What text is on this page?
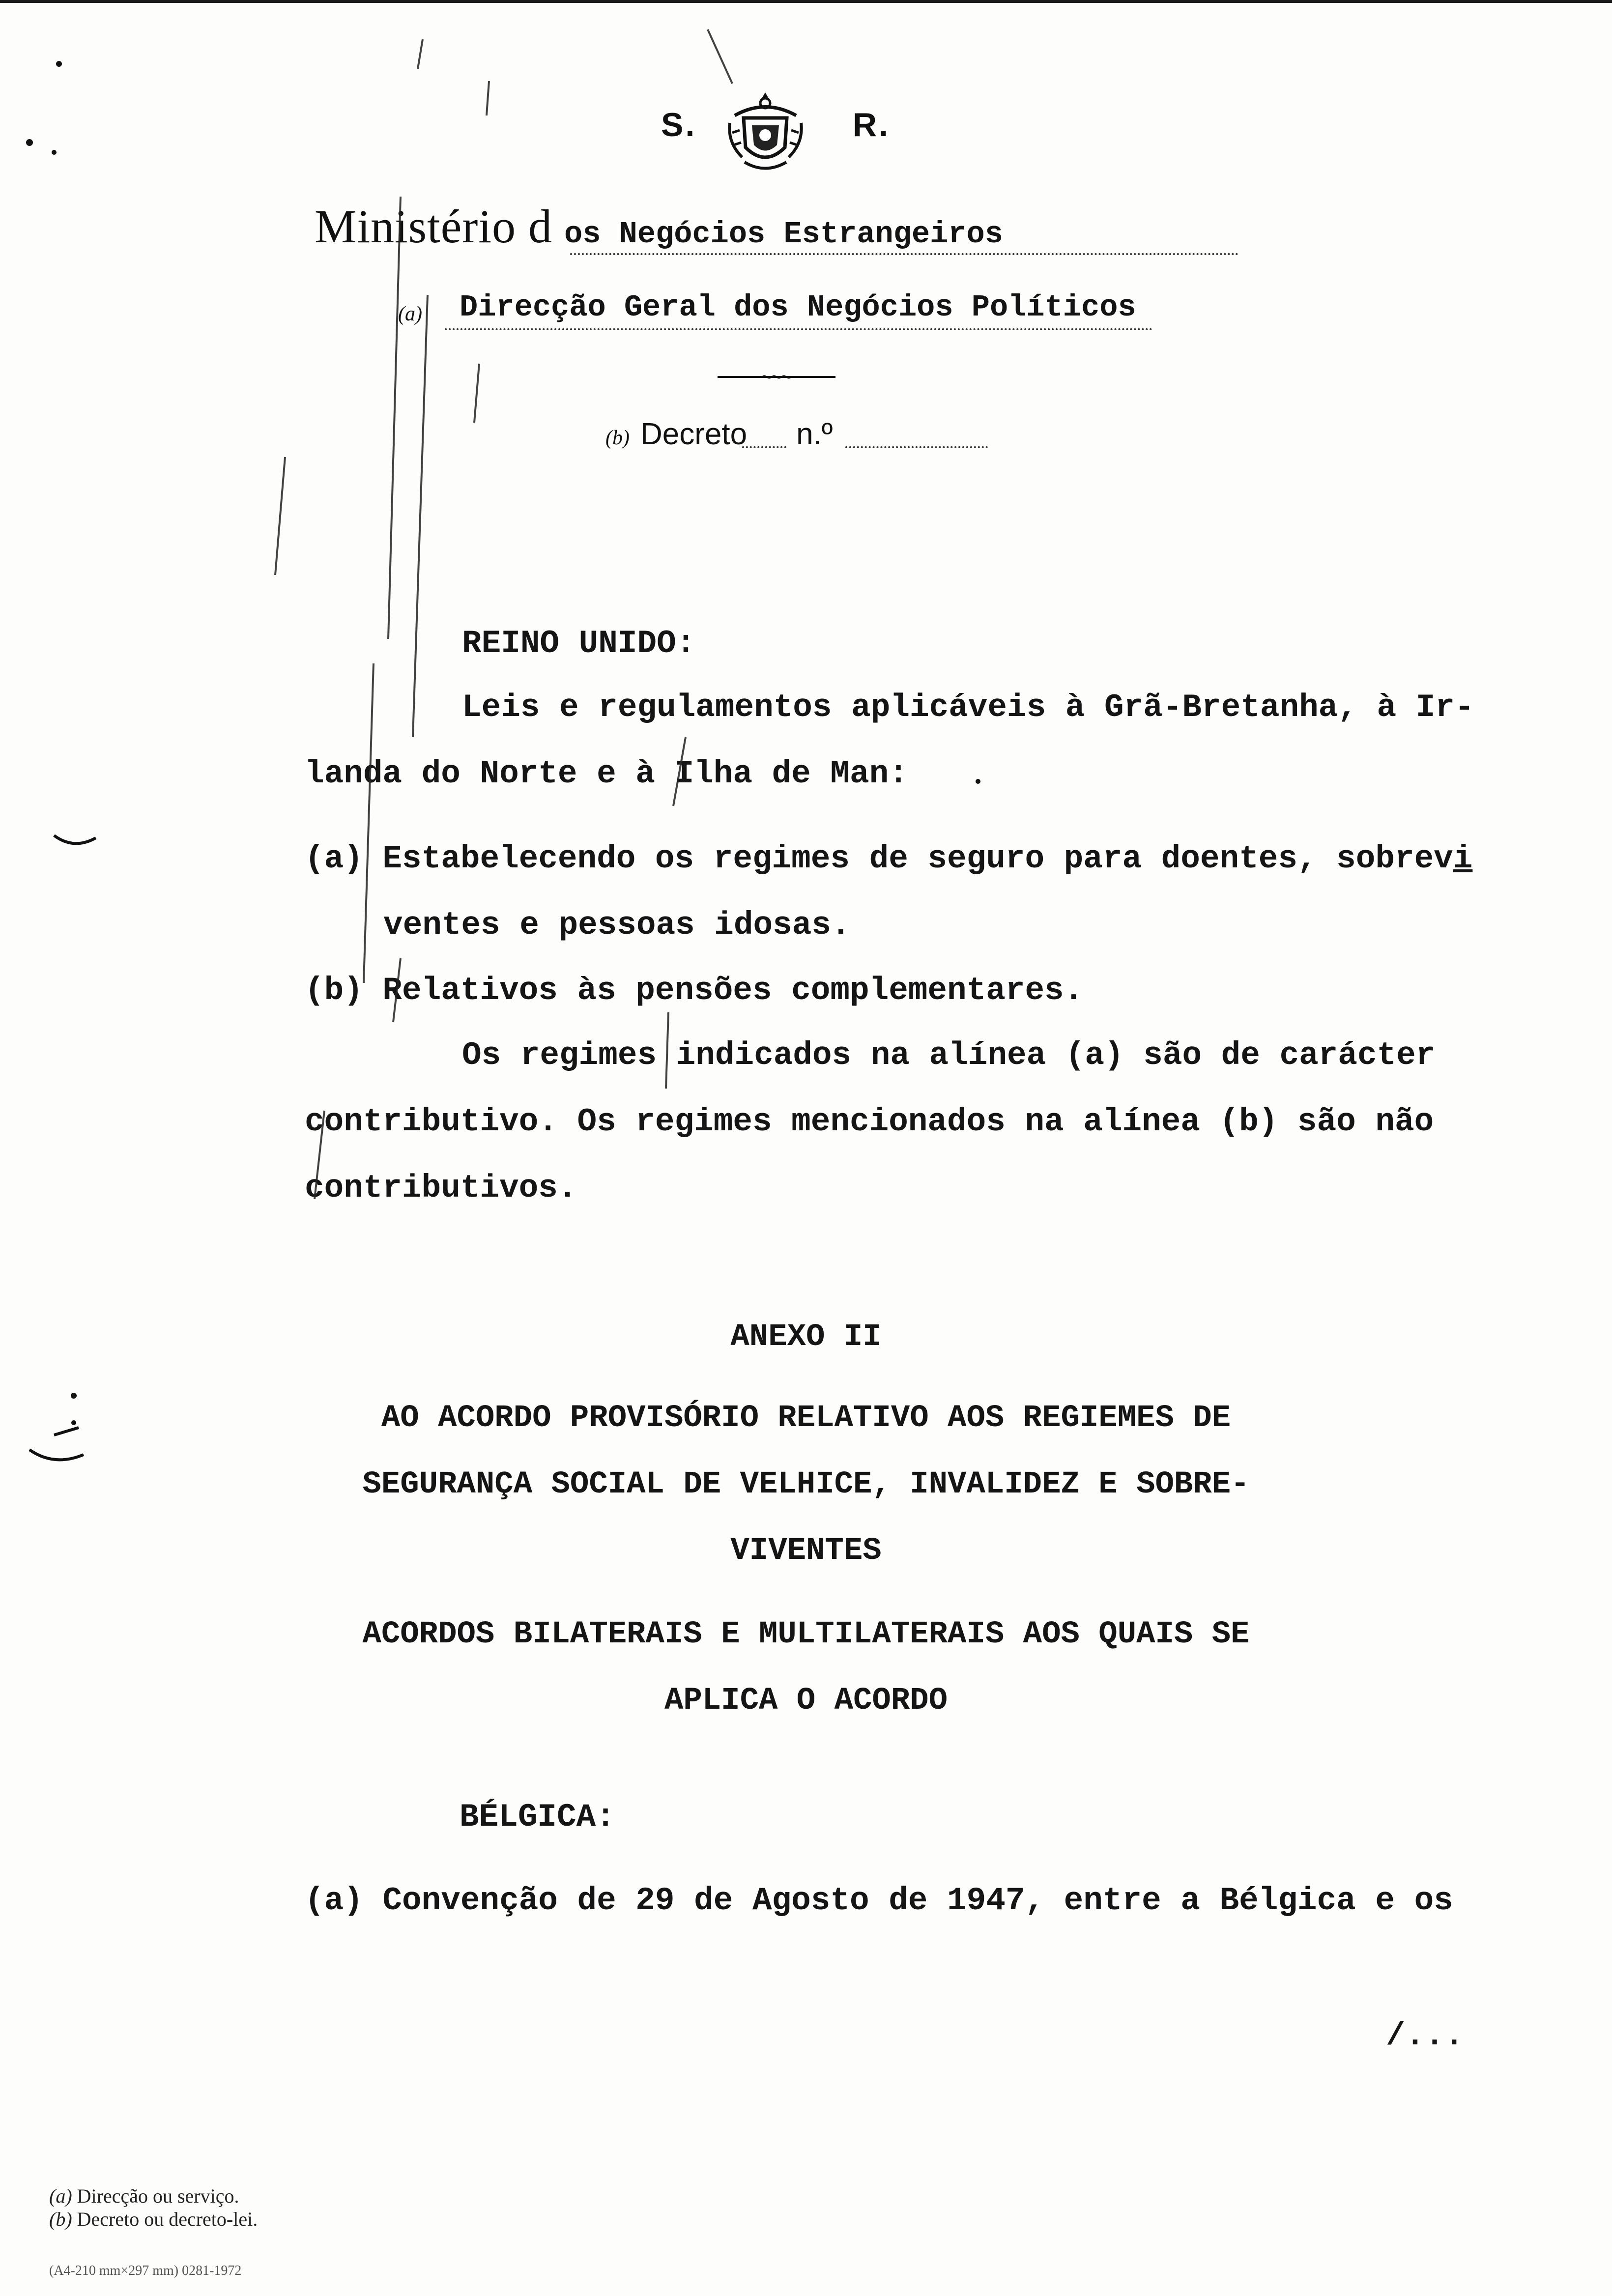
S.	R.
Ministério d os Negócios Estrangeiros
(a) Direcção Geral dos Negócios Políticos
(b) Decreto n.º
REINO UNIDO:
Leis e regulamentos aplicáveis à Grã-Bretanha, à Ir-
landa do Norte e à Ilha de Man:
(a) Estabelecendo os regimes de seguro para doentes, sobrevi
ventes e pessoas idosas.
(b) Relativos às pensões complementares.
Os regimes indicados na alínea (a) são de carácter
contributivo. Os regimes mencionados na alínea (b) são não
contributivos.
ANEXO II
AO ACORDO PROVISÓRIO RELATIVO AOS REGIEMES DE
SEGURANÇA SOCIAL DE VELHICE, INVALIDEZ E SOBRE-
VIVENTES
ACORDOS BILATERAIS E MULTILATERAIS AOS QUAIS SE
APLICA O ACORDO
BÉLGICA:
(a) Convenção de 29 de Agosto de 1947, entre a Bélgica e os
/...
(a) Direcção ou serviço.
(b) Decreto ou decreto-lei.
(A4-210 mm×297 mm) 0281-1972
